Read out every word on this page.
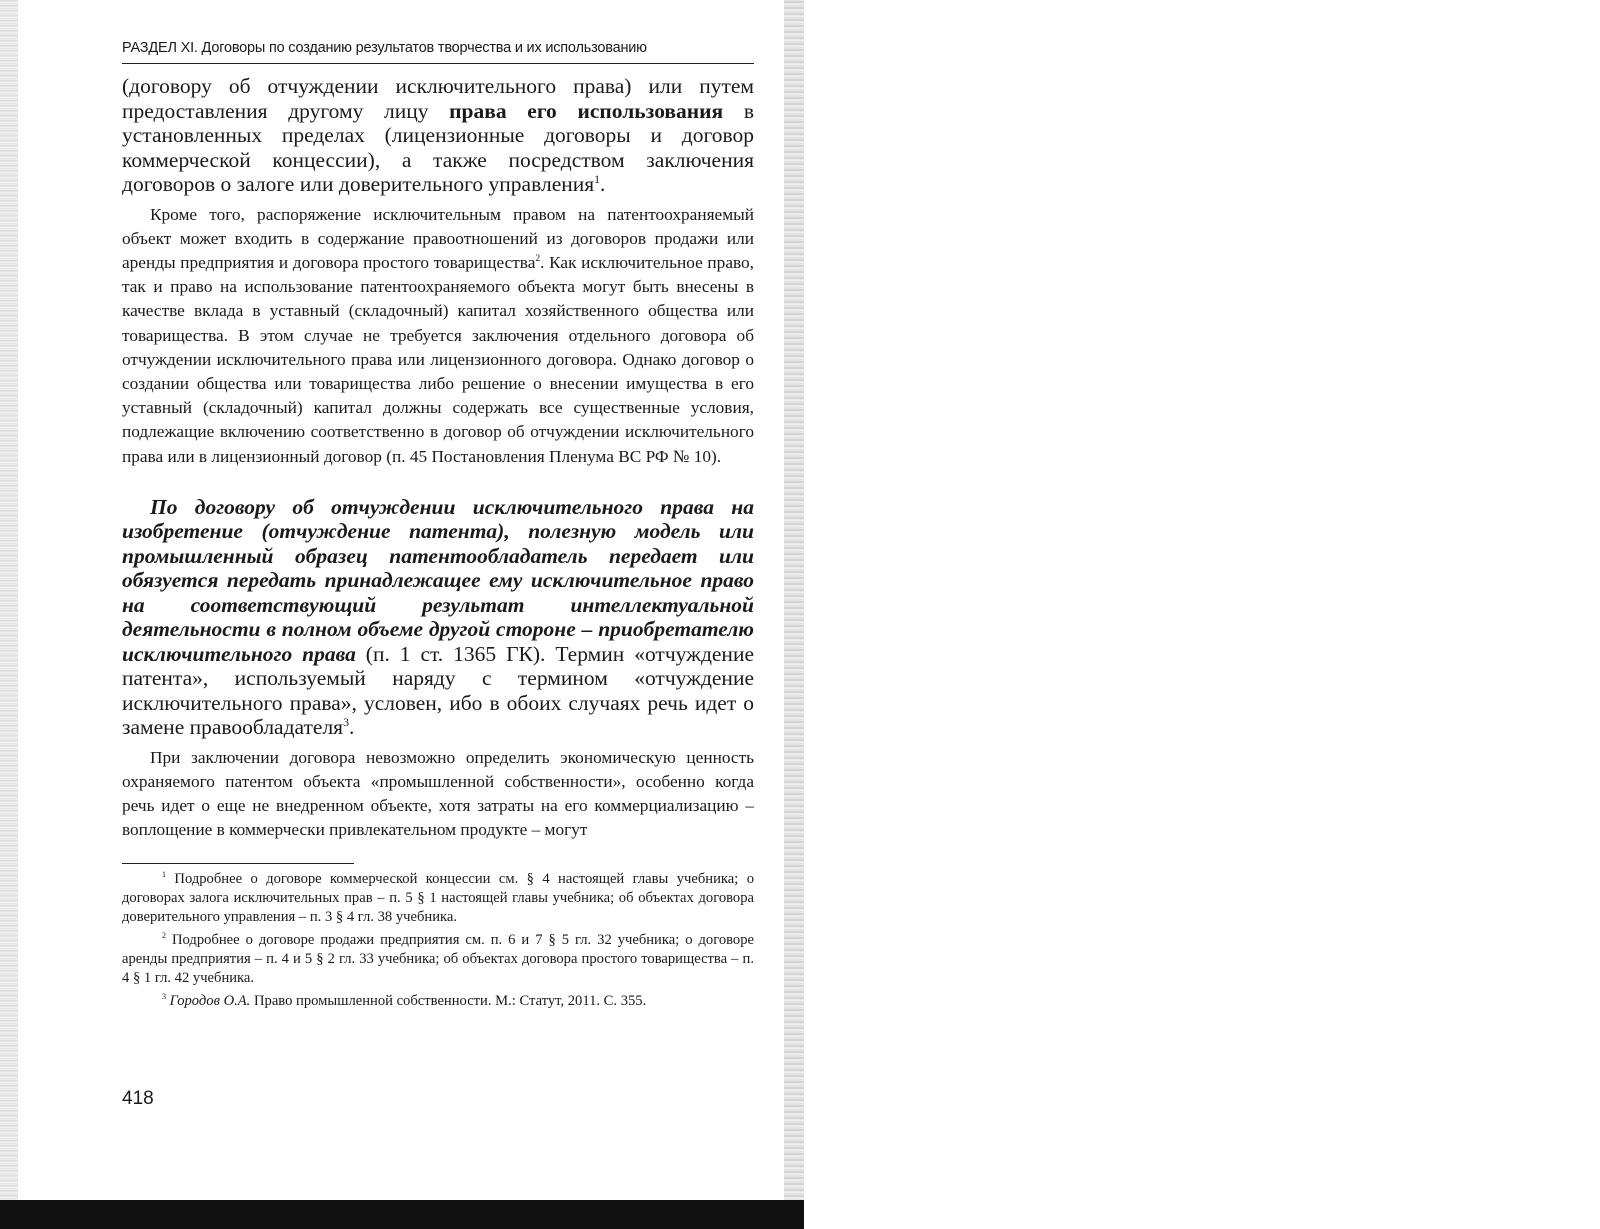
РАЗДЕЛ XI. Договоры по созданию результатов творчества и их использованию

(договору об отчуждении исключительного права) или путем предоставления другому лицу права его использования в установленных пределах (лицензионные договоры и договор коммерческой концессии), а также посредством заключения договоров о залоге или доверительного управления$^1$.

Кроме того, распоряжение исключительным правом на патентоохраняемый объект может входить в содержание правоотношений из договоров продажи или аренды предприятия и договора простого товарищества$^2$. Как исключительное право, так и право на использование патентоохраняемого объекта могут быть внесены в качестве вклада в уставный (складочный) капитал хозяйственного общества или товарищества. В этом случае не требуется заключения отдельного договора об отчуждении исключительного права или лицензионного договора. Однако договор о создании общества или товарищества либо решение о внесении имущества в его уставный (складочный) капитал должны содержать все существенные условия, подлежащие включению соответственно в договор об отчуждении исключительного права или в лицензионный договор (п. 45 Постановления Пленума ВС РФ № 10).

По договору об отчуждении исключительного права на изобретение (отчуждение патента), полезную модель или промышленный образец патентообладатель передает или обязуется передать принадлежащее ему исключительное право на соответствующий результат интеллектуальной деятельности в полном объеме другой стороне – приобретателю исключительного права (п. 1 ст. 1365 ГК). Термин «отчуждение патента», используемый наряду с термином «отчуждение исключительного права», условен, ибо в обоих случаях речь идет о замене правообладателя$^3$.

При заключении договора невозможно определить экономическую ценность охраняемого патентом объекта «промышленной собственности», особенно когда речь идет о еще не внедренном объекте, хотя затраты на его коммерциализацию – воплощение в коммерчески привлекательном продукте – могут

$^1$ Подробнее о договоре коммерческой концессии см. § 4 настоящей главы учебника; о договорах залога исключительных прав – п. 5 § 1 настоящей главы учебника; об объектах договора доверительного управления – п. 3 § 4 гл. 38 учебника.

$^2$ Подробнее о договоре продажи предприятия см. п. 6 и 7 § 5 гл. 32 учебника; о договоре аренды предприятия – п. 4 и 5 § 2 гл. 33 учебника; об объектах договора простого товарищества – п. 4 § 1 гл. 42 учебника.

$^3$ Городов О.А. Право промышленной собственности. М.: Статут, 2011. С. 355.

418
